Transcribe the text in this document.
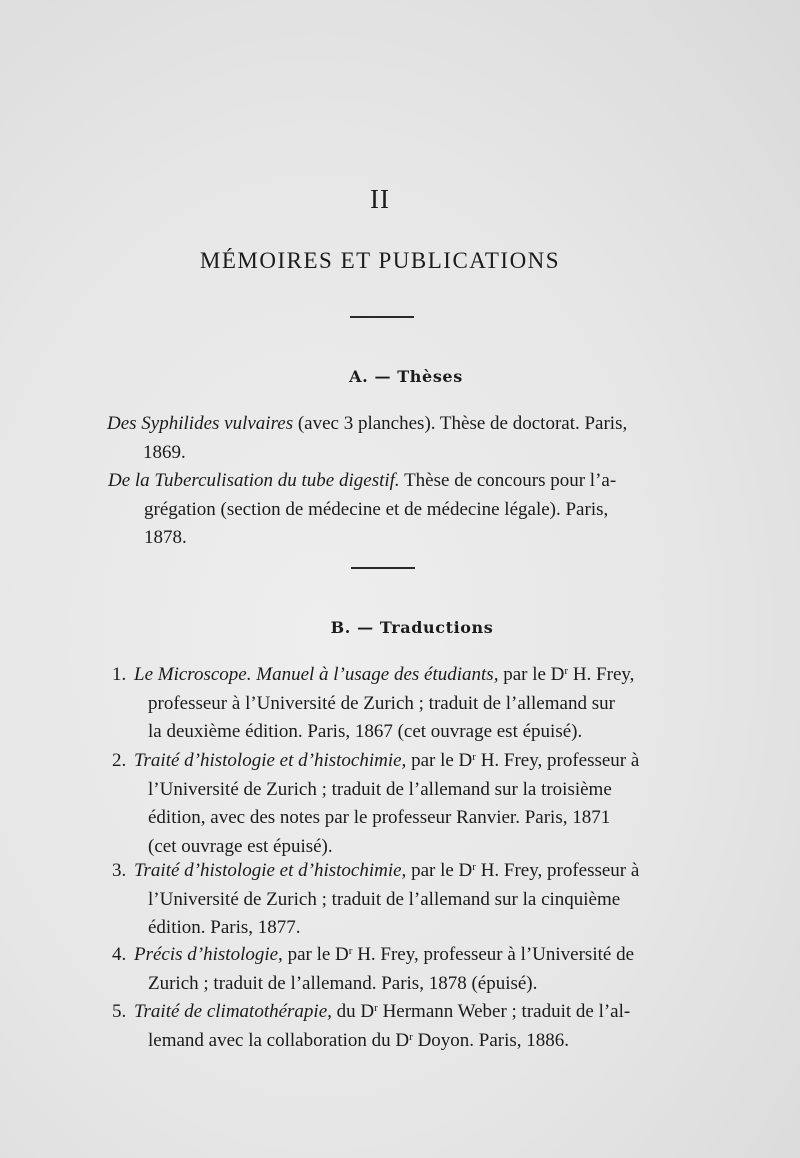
II
MÉMOIRES ET PUBLICATIONS
A. — Thèses
Des Syphilides vulvaires (avec 3 planches). Thèse de doctorat. Paris,
1869.
De la Tuberculisation du tube digestif. Thèse de concours pour l’a-
grégation (section de médecine et de médecine légale). Paris,
1878.
B. — Traductions
1. Le Microscope. Manuel à l’usage des étudiants, par le $D^r$ H. Frey,
professeur à l’Université de Zurich ; traduit de l’allemand sur
la deuxième édition. Paris, 1867 (cet ouvrage est épuisé).
2. Traité d’histologie et d’histochimie, par le $D^r$ H. Frey, professeur à
l’Université de Zurich ; traduit de l’allemand sur la troisième
édition, avec des notes par le professeur Ranvier. Paris, 1871
(cet ouvrage est épuisé).
3. Traité d’histologie et d’histochimie, par le $D^r$ H. Frey, professeur à
l’Université de Zurich ; traduit de l’allemand sur la cinquième
édition. Paris, 1877.
4. Précis d’histologie, par le $D^r$ H. Frey, professeur à l’Université de
Zurich ; traduit de l’allemand. Paris, 1878 (épuisé).
5. Traité de climatothérapie, du $D^r$ Hermann Weber ; traduit de l’al-
lemand avec la collaboration du $D^r$ Doyon. Paris, 1886.
